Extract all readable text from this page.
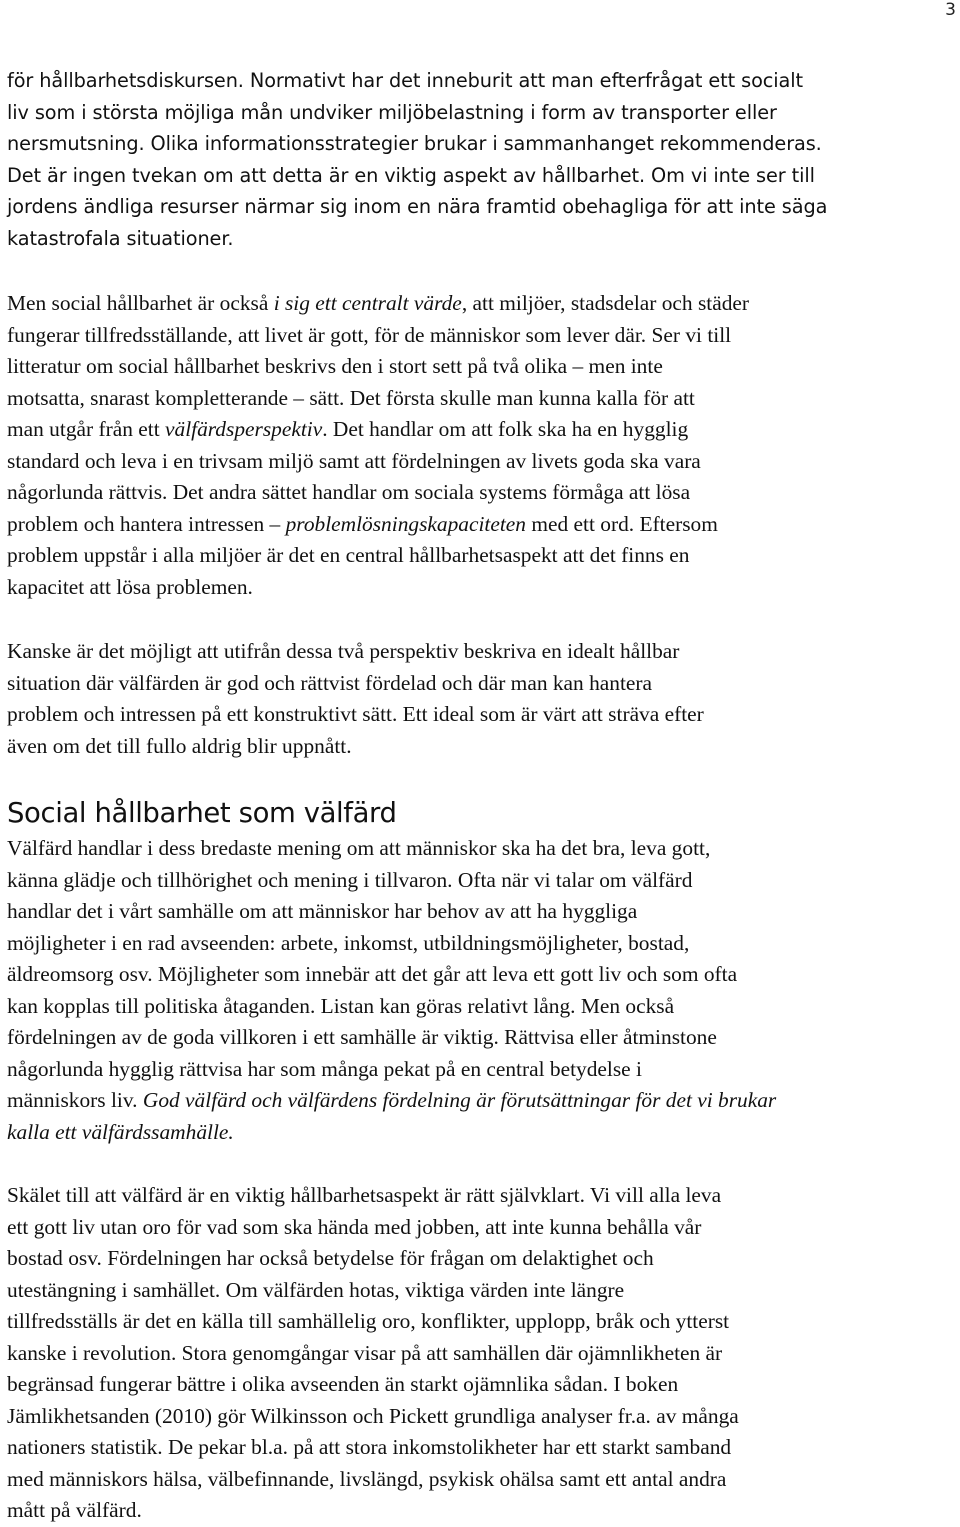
3
för hållbarhetsdiskursen. Normativt har det inneburit att man efterfrågat ett socialt
liv som i största möjliga mån undviker miljöbelastning i form av transporter eller
nersmutsning. Olika informationsstrategier brukar i sammanhanget rekommenderas.
Det är ingen tvekan om att detta är en viktig aspekt av hållbarhet. Om vi inte ser till
jordens ändliga resurser närmar sig inom en nära framtid obehagliga för att inte säga
katastrofala situationer.
Men social hållbarhet är också i sig ett centralt värde, att miljöer, stadsdelar och städer
fungerar tillfredsställande, att livet är gott, för de människor som lever där. Ser vi till
litteratur om social hållbarhet beskrivs den i stort sett på två olika – men inte
motsatta, snarast kompletterande – sätt. Det första skulle man kunna kalla för att
man utgår från ett välfärdsperspektiv. Det handlar om att folk ska ha en hygglig
standard och leva i en trivsam miljö samt att fördelningen av livets goda ska vara
någorlunda rättvis. Det andra sättet handlar om sociala systems förmåga att lösa
problem och hantera intressen – problemlösningskapaciteten med ett ord. Eftersom
problem uppstår i alla miljöer är det en central hållbarhetsaspekt att det finns en
kapacitet att lösa problemen.
Kanske är det möjligt att utifrån dessa två perspektiv beskriva en idealt hållbar
situation där välfärden är god och rättvist fördelad och där man kan hantera
problem och intressen på ett konstruktivt sätt. Ett ideal som är värt att sträva efter
även om det till fullo aldrig blir uppnått.
Social hållbarhet som välfärd
Välfärd handlar i dess bredaste mening om att människor ska ha det bra, leva gott,
känna glädje och tillhörighet och mening i tillvaron. Ofta när vi talar om välfärd
handlar det i vårt samhälle om att människor har behov av att ha hyggliga
möjligheter i en rad avseenden: arbete, inkomst, utbildningsmöjligheter, bostad,
äldreomsorg osv. Möjligheter som innebär att det går att leva ett gott liv och som ofta
kan kopplas till politiska åtaganden. Listan kan göras relativt lång. Men också
fördelningen av de goda villkoren i ett samhälle är viktig. Rättvisa eller åtminstone
någorlunda hygglig rättvisa har som många pekat på en central betydelse i
människors liv. God välfärd och välfärdens fördelning är förutsättningar för det vi brukar
kalla ett välfärdssamhälle.
Skälet till att välfärd är en viktig hållbarhetsaspekt är rätt självklart. Vi vill alla leva
ett gott liv utan oro för vad som ska hända med jobben, att inte kunna behålla vår
bostad osv. Fördelningen har också betydelse för frågan om delaktighet och
utestängning i samhället. Om välfärden hotas, viktiga värden inte längre
tillfredsställs är det en källa till samhällelig oro, konflikter, upplopp, bråk och ytterst
kanske i revolution. Stora genomgångar visar på att samhällen där ojämnlikheten är
begränsad fungerar bättre i olika avseenden än starkt ojämnlika sådan. I boken
Jämlikhetsanden (2010) gör Wilkinsson och Pickett grundliga analyser fr.a. av många
nationers statistik. De pekar bl.a. på att stora inkomstolikheter har ett starkt samband
med människors hälsa, välbefinnande, livslängd, psykisk ohälsa samt ett antal andra
mått på välfärd.
